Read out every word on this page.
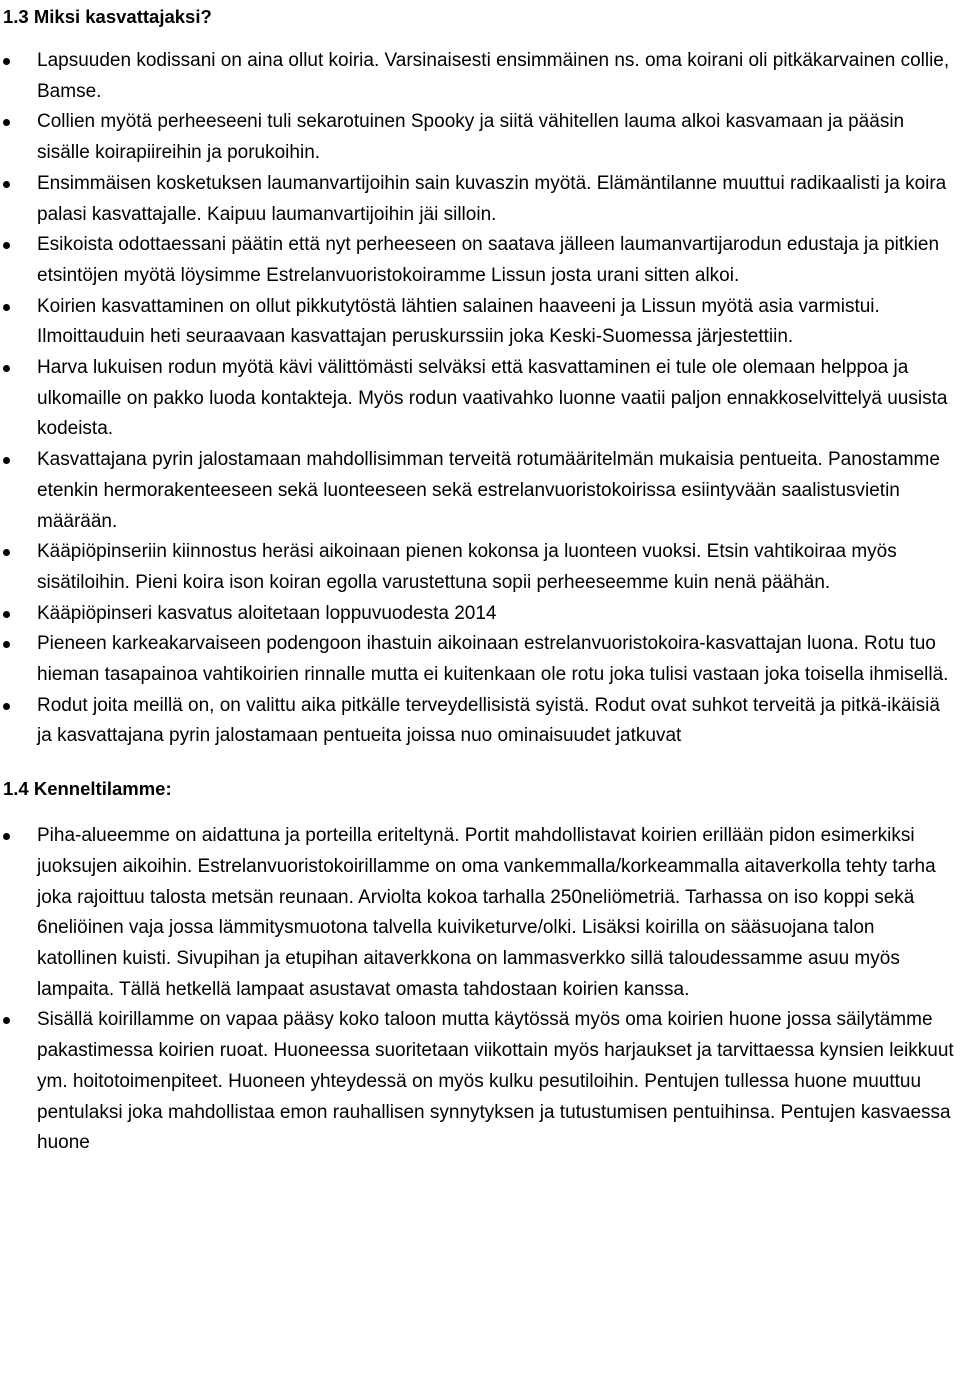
1.3 Miksi kasvattajaksi?
Lapsuuden kodissani on aina ollut koiria. Varsinaisesti ensimmäinen ns. oma koirani oli pitkäkarvainen collie, Bamse.
Collien myötä perheeseeni tuli sekarotuinen Spooky ja siitä vähitellen lauma alkoi kasvamaan ja pääsin sisälle koirapiireihin ja porukoihin.
Ensimmäisen kosketuksen laumanvartijoihin sain kuvaszin myötä. Elämäntilanne muuttui radikaalisti ja koira palasi kasvattajalle. Kaipuu laumanvartijoihin jäi silloin.
Esikoista odottaessani päätin että nyt perheeseen on saatava jälleen laumanvartijarodun edustaja ja pitkien etsintöjen myötä löysimme Estrelanvuoristokoiramme Lissun josta urani sitten alkoi.
Koirien kasvattaminen on ollut pikkutytöstä lähtien salainen haaveeni ja Lissun myötä asia varmistui. Ilmoittauduin heti seuraavaan kasvattajan peruskurssiin joka Keski-Suomessa järjestettiin.
Harva lukuisen rodun myötä kävi välittömästi selväksi että kasvattaminen ei tule ole olemaan helppoa ja ulkomaille on pakko luoda kontakteja. Myös rodun vaativahko luonne vaatii paljon ennakkoselvittelyä uusista kodeista.
Kasvattajana pyrin jalostamaan mahdollisimman terveitä rotumääritelmän mukaisia pentueita. Panostamme etenkin hermorakenteeseen sekä luonteeseen sekä estrelanvuoristokoirissa esiintyvään saalistusvietin määrään.
Kääpiöpinseriin kiinnostus heräsi aikoinaan pienen kokonsa ja luonteen vuoksi. Etsin vahtikoiraa myös sisätiloihin. Pieni koira ison koiran egolla varustettuna sopii perheeseemme kuin nenä päähän.
Kääpiöpinseri kasvatus aloitetaan loppuvuodesta 2014
Pieneen karkeakarvaiseen podengoon ihastuin aikoinaan estrelanvuoristokoira-kasvattajan luona. Rotu tuo hieman tasapainoa vahtikoirien rinnalle mutta ei kuitenkaan ole rotu joka tulisi vastaan joka toisella ihmisellä.
Rodut joita meillä on, on valittu aika pitkälle terveydellisistä syistä. Rodut ovat suhkot terveitä ja pitkä-ikäisiä ja kasvattajana pyrin jalostamaan pentueita joissa nuo ominaisuudet jatkuvat
1.4 Kenneltilamme:
Piha-alueemme on aidattuna ja porteilla eriteltynä. Portit mahdollistavat koirien erillään pidon esimerkiksi juoksujen aikoihin. Estrelanvuoristokoirillamme on oma vankemmalla/korkeammalla aitaverkolla tehty tarha joka rajoittuu talosta metsän reunaan. Arviolta kokoa tarhalla 250neliömetriä. Tarhassa on iso koppi sekä 6neliöinen vaja jossa lämmitysmuotona talvella kuiviketurve/olki. Lisäksi koirilla on sääsuojana talon katollinen kuisti. Sivupihan ja etupihan aitaverkkona on lammasverkko sillä taloudessamme asuu myös lampaita. Tällä hetkellä lampaat asustavat omasta tahdostaan koirien kanssa.
Sisällä koirillamme on vapaa pääsy koko taloon mutta käytössä myös oma koirien huone jossa säilytämme pakastimessa koirien ruoat. Huoneessa suoritetaan viikottain myös harjaukset ja tarvittaessa kynsien leikkuut ym. hoitotoimenpiteet. Huoneen yhteydessä on myös kulku pesutiloihin. Pentujen tullessa huone muuttuu pentulaksi joka mahdollistaa emon rauhallisen synnytyksen ja tutustumisen pentuihinsa. Pentujen kasvaessa huone
